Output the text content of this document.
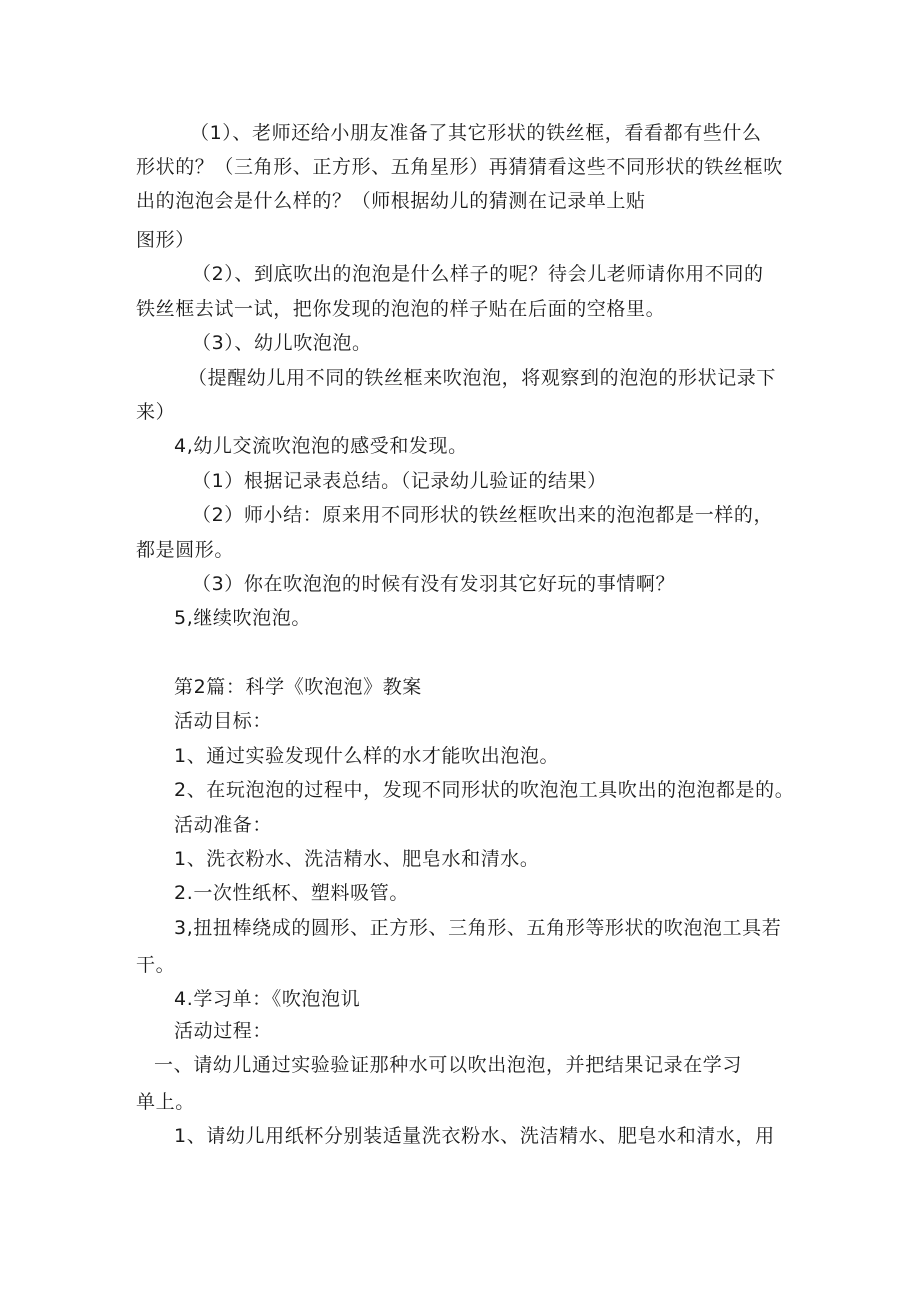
（1）、老师还给小朋友准备了其它形状的铁丝框，看看都有些什么
形状的？（三角形、正方形、五角星形）再猜猜看这些不同形状的铁丝框吹
出的泡泡会是什么样的？（师根据幼儿的猜测在记录单上贴
图形）
（2）、到底吹出的泡泡是什么样子的呢？待会儿老师请你用不同的
铁丝框去试一试，把你发现的泡泡的样子贴在后面的空格里。
（3）、幼儿吹泡泡。
（提醒幼儿用不同的铁丝框来吹泡泡，将观察到的泡泡的形状记录下
来）
4,幼儿交流吹泡泡的感受和发现。
（1）根据记录表总结。（记录幼儿验证的结果）
（2）师小结：原来用不同形状的铁丝框吹出来的泡泡都是一样的，
都是圆形。
（3）你在吹泡泡的时候有没有发羽其它好玩的事情啊？
5,继续吹泡泡。
第2篇：科学《吹泡泡》教案
活动目标：
1、通过实验发现什么样的水才能吹出泡泡。
2、在玩泡泡的过程中，发现不同形状的吹泡泡工具吹出的泡泡都是的。
活动准备：
1、洗衣粉水、洗洁精水、肥皂水和清水。
2.一次性纸杯、塑料吸管。
3,扭扭棒绕成的圆形、正方形、三角形、五角形等形状的吹泡泡工具若
干。
4.学习单：《吹泡泡讥
活动过程：
一、请幼儿通过实验验证那种水可以吹出泡泡，并把结果记录在学习
单上。
1、请幼儿用纸杯分别装适量洗衣粉水、洗洁精水、肥皂水和清水，用
